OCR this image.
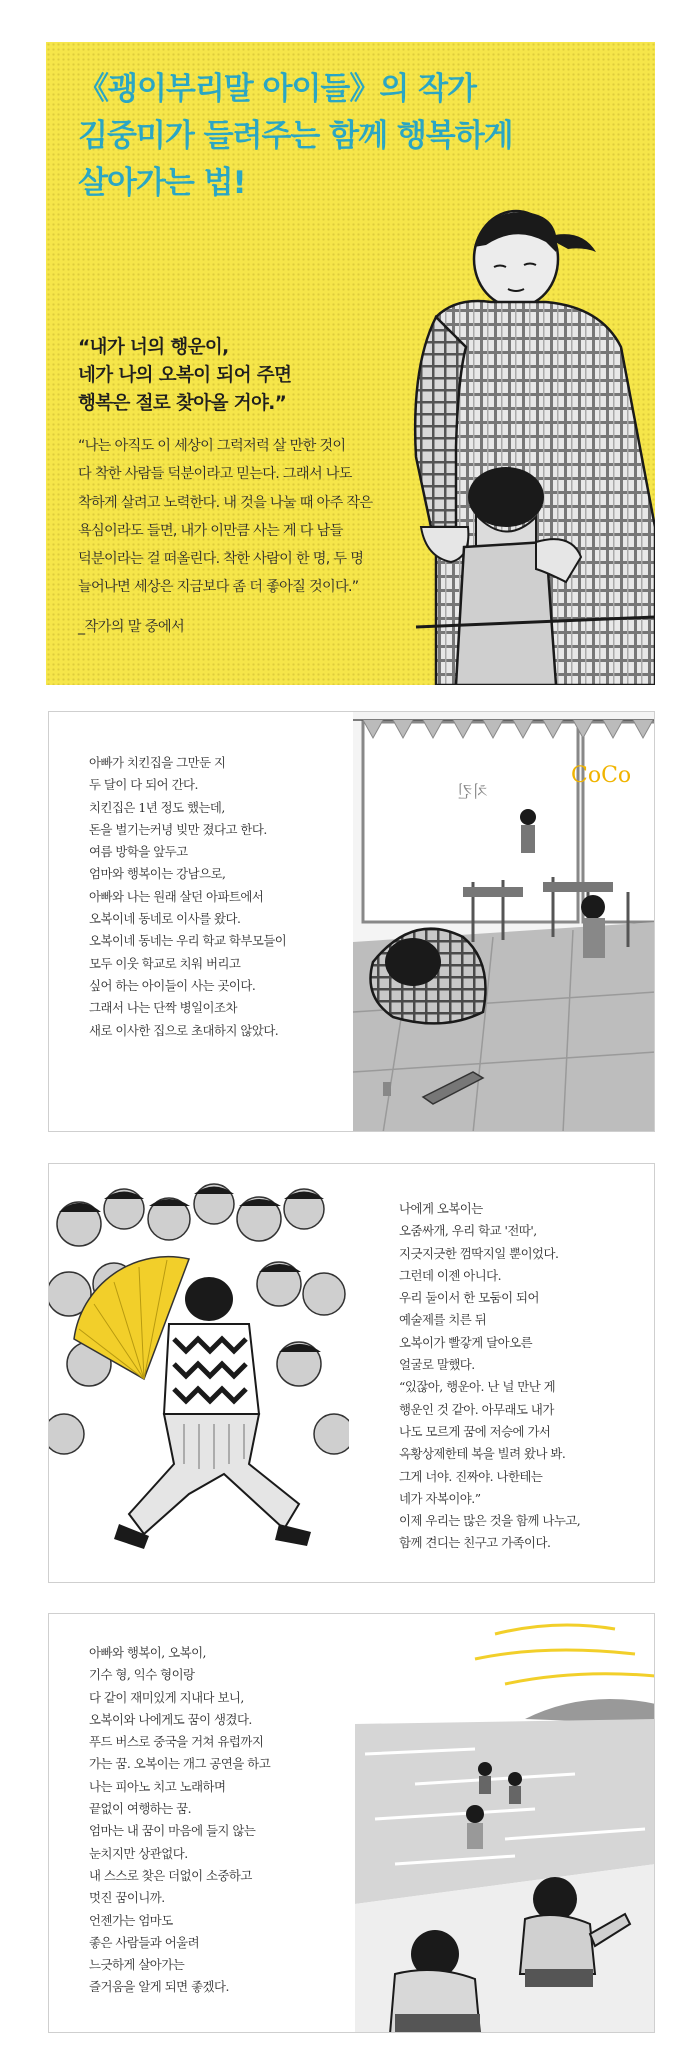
《괭이부리말 아이들》의 작가
김중미가 들려주는 함께 행복하게
살아가는 법!
“내가 너의 행운이,
네가 나의 오복이 되어 주면
행복은 절로 찾아올 거야.”
“나는 아직도 이 세상이 그럭저럭 살 만한 것이
다 착한 사람들 덕분이라고 믿는다. 그래서 나도
착하게 살려고 노력한다. 내 것을 나눌 때 아주 작은
욕심이라도 들면, 내가 이만큼 사는 게 다 남들
덕분이라는 걸 떠올린다. 착한 사람이 한 명, 두 명
늘어나면 세상은 지금보다 좀 더 좋아질 것이다.”
_작가의 말 중에서
아빠가 치킨집을 그만둔 지
두 달이 다 되어 간다.
치킨집은 1년 정도 했는데,
돈을 벌기는커녕 빚만 졌다고 한다.
여름 방학을 앞두고
엄마와 행복이는 강남으로,
아빠와 나는 원래 살던 아파트에서
오복이네 동네로 이사를 왔다.
오복이네 동네는 우리 학교 학부모들이
모두 이웃 학교로 치워 버리고
싶어 하는 아이들이 사는 곳이다.
그래서 나는 단짝 병일이조차
새로 이사한 집으로 초대하지 않았다.
CoCo
치킨
나에게 오복이는
오줌싸개, 우리 학교 '전따',
지긋지긋한 껌딱지일 뿐이었다.
그런데 이젠 아니다.
우리 둘이서 한 모둠이 되어
예술제를 치른 뒤
오복이가 빨갛게 달아오른
얼굴로 말했다.
“있잖아, 행운아. 난 널 만난 게
행운인 것 같아. 아무래도 내가
나도 모르게 꿈에 저승에 가서
옥황상제한테 복을 빌려 왔나 봐.
그게 너야. 진짜야. 나한테는
네가 자복이야.”
이제 우리는 많은 것을 함께 나누고,
함께 견디는 친구고 가족이다.
아빠와 행복이, 오복이,
기수 형, 익수 형이랑
다 같이 재미있게 지내다 보니,
오복이와 나에게도 꿈이 생겼다.
푸드 버스로 중국을 거쳐 유럽까지
가는 꿈. 오복이는 개그 공연을 하고
나는 피아노 치고 노래하며
끝없이 여행하는 꿈.
엄마는 내 꿈이 마음에 들지 않는
눈치지만 상관없다.
내 스스로 찾은 더없이 소중하고
멋진 꿈이니까.
언젠가는 엄마도
좋은 사람들과 어울려
느긋하게 살아가는
즐거움을 알게 되면 좋겠다.
